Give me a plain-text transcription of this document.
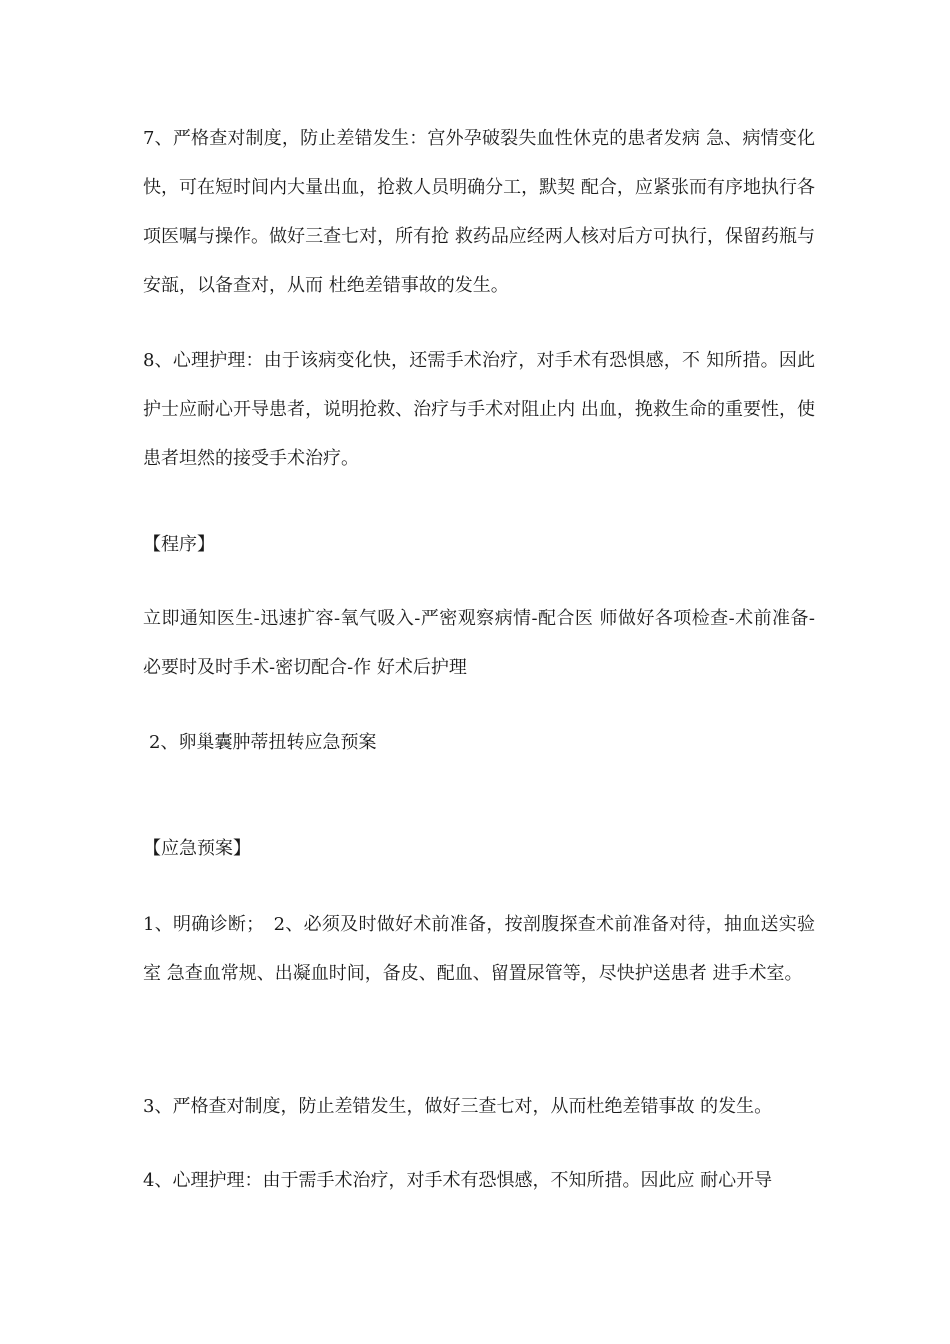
7、严格查对制度，防止差错发生：宫外孕破裂失血性休克的患者发病 急、病情变化快，可在短时间内大量出血，抢救人员明确分工，默契 配合，应紧张而有序地执行各项医嘱与操作。做好三查七对，所有抢 救药品应经两人核对后方可执行，保留药瓶与安瓿，以备查对，从而 杜绝差错事故的发生。

8、心理护理：由于该病变化快，还需手术治疗，对手术有恐惧感，不 知所措。因此护士应耐心开导患者，说明抢救、治疗与手术对阻止内 出血，挽救生命的重要性，使患者坦然的接受手术治疗。

【程序】

立即通知医生-迅速扩容-氧气吸入-严密观察病情-配合医 师做好各项检查-术前准备-必要时及时手术-密切配合-作 好术后护理

2、卵巢囊肿蒂扭转应急预案

【应急预案】

1、明确诊断；　2、必须及时做好术前准备，按剖腹探查术前准备对待，抽血送实验室 急查血常规、出凝血时间，备皮、配血、留置尿管等，尽快护送患者 进手术室。

3、严格查对制度，防止差错发生，做好三查七对，从而杜绝差错事故 的发生。

4、心理护理：由于需手术治疗，对手术有恐惧感，不知所措。因此应 耐心开导
